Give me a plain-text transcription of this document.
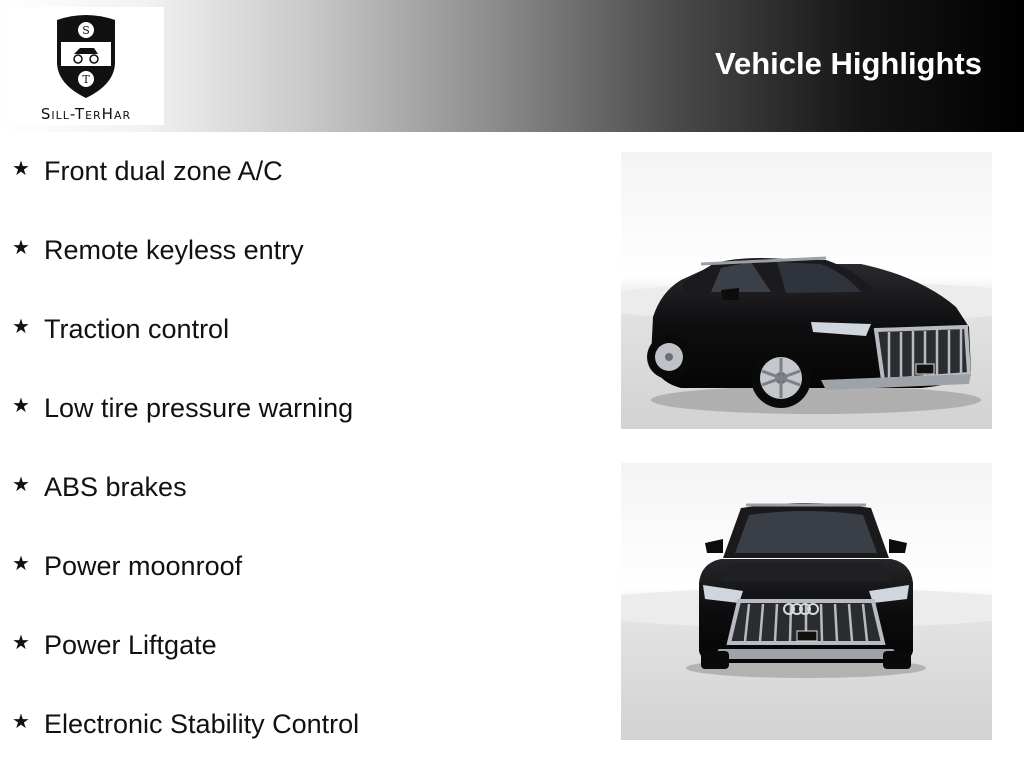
S
T
Sill-TerHar
Vehicle Highlights
★ Front dual zone A/C
★ Remote keyless entry
★ Traction control
★ Low tire pressure warning
★ ABS brakes
★ Power moonroof
★ Power Liftgate
★ Electronic Stability Control
